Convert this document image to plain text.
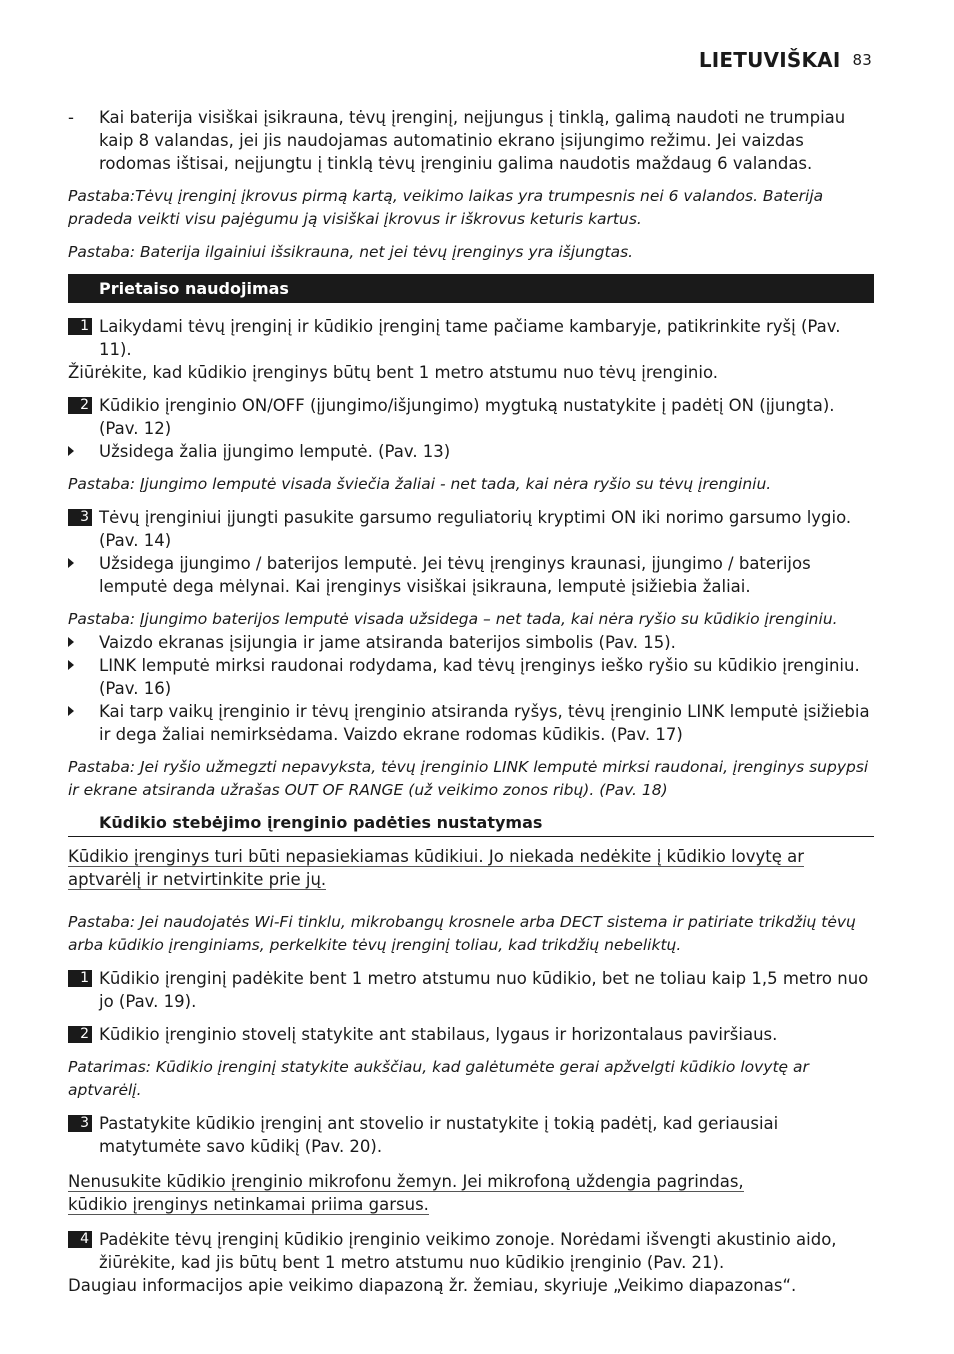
LIETUVIŠKAI 83
- Kai baterija visiškai įsikrauna, tėvų įrenginį, neįjungus į tinklą, galimą naudoti ne trumpiau kaip 8 valandas, jei jis naudojamas automatinio ekrano įsijungimo režimu. Jei vaizdas rodomas ištisai, neįjungtu į tinklą tėvų įrenginiu galima naudotis maždaug 6 valandas.
Pastaba:Tėvų įrenginį įkrovus pirmą kartą, veikimo laikas yra trumpesnis nei 6 valandos. Baterija pradeda veikti visu pajėgumu ją visiškai įkrovus ir iškrovus keturis kartus.
Pastaba: Baterija ilgainiui išsikrauna, net jei tėvų įrenginys yra išjungtas.
Prietaiso naudojimas
1 Laikydami tėvų įrenginį ir kūdikio įrenginį tame pačiame kambaryje, patikrinkite ryšį (Pav. 11).
Žiūrėkite, kad kūdikio įrenginys būtų bent 1 metro atstumu nuo tėvų įrenginio.
2 Kūdikio įrenginio ON/OFF (įjungimo/išjungimo) mygtuką nustatykite į padėtį ON (įjungta). (Pav. 12)
Užsidega žalia įjungimo lemputė. (Pav. 13)
Pastaba: Įjungimo lemputė visada šviečia žaliai - net tada, kai nėra ryšio su tėvų įrenginiu.
3 Tėvų įrenginiui įjungti pasukite garsumo reguliatorių kryptimi ON iki norimo garsumo lygio. (Pav. 14)
Užsidega įjungimo / baterijos lemputė. Jei tėvų įrenginys kraunasi, įjungimo / baterijos lemputė dega mėlynai. Kai įrenginys visiškai įsikrauna, lemputė įsižiebia žaliai.
Pastaba: Įjungimo baterijos lemputė visada užsidega – net tada, kai nėra ryšio su kūdikio įrenginiu.
Vaizdo ekranas įsijungia ir jame atsiranda baterijos simbolis (Pav. 15).
LINK lemputė mirksi raudonai rodydama, kad tėvų įrenginys ieško ryšio su kūdikio įrenginiu. (Pav. 16)
Kai tarp vaikų įrenginio ir tėvų įrenginio atsiranda ryšys, tėvų įrenginio LINK lemputė įsižiebia ir dega žaliai nemirksėdama. Vaizdo ekrane rodomas kūdikis. (Pav. 17)
Pastaba: Jei ryšio užmegzti nepavyksta, tėvų įrenginio LINK lemputė mirksi raudonai, įrenginys supypsi ir ekrane atsiranda užrašas OUT OF RANGE (už veikimo zonos ribų). (Pav. 18)
Kūdikio stebėjimo įrenginio padėties nustatymas
Kūdikio įrenginys turi būti nepasiekiamas kūdikiui. Jo niekada nedėkite į kūdikio lovytę ar aptvarėlį ir netvirtinkite prie jų.
Pastaba: Jei naudojatės Wi-Fi tinklu, mikrobangų krosnele arba DECT sistema ir patiriate trikdžių tėvų arba kūdikio įrenginiams, perkelkite tėvų įrenginį toliau, kad trikdžių nebeliktų.
1 Kūdikio įrenginį padėkite bent 1 metro atstumu nuo kūdikio, bet ne toliau kaip 1,5 metro nuo jo (Pav. 19).
2 Kūdikio įrenginio stovelį statykite ant stabilaus, lygaus ir horizontalaus paviršiaus.
Patarimas: Kūdikio įrenginį statykite aukščiau, kad galėtumėte gerai apžvelgti kūdikio lovytę ar aptvarėlį.
3 Pastatykite kūdikio įrenginį ant stovelio ir nustatykite į tokią padėtį, kad geriausiai matytumėte savo kūdikį (Pav. 20).
Nenusukite kūdikio įrenginio mikrofonu žemyn. Jei mikrofoną uždengia pagrindas, kūdikio įrenginys netinkamai priima garsus.
4 Padėkite tėvų įrenginį kūdikio įrenginio veikimo zonoje. Norėdami išvengti akustinio aido, žiūrėkite, kad jis būtų bent 1 metro atstumu nuo kūdikio įrenginio (Pav. 21).
Daugiau informacijos apie veikimo diapazoną žr. žemiau, skyriuje „Veikimo diapazonas“.
